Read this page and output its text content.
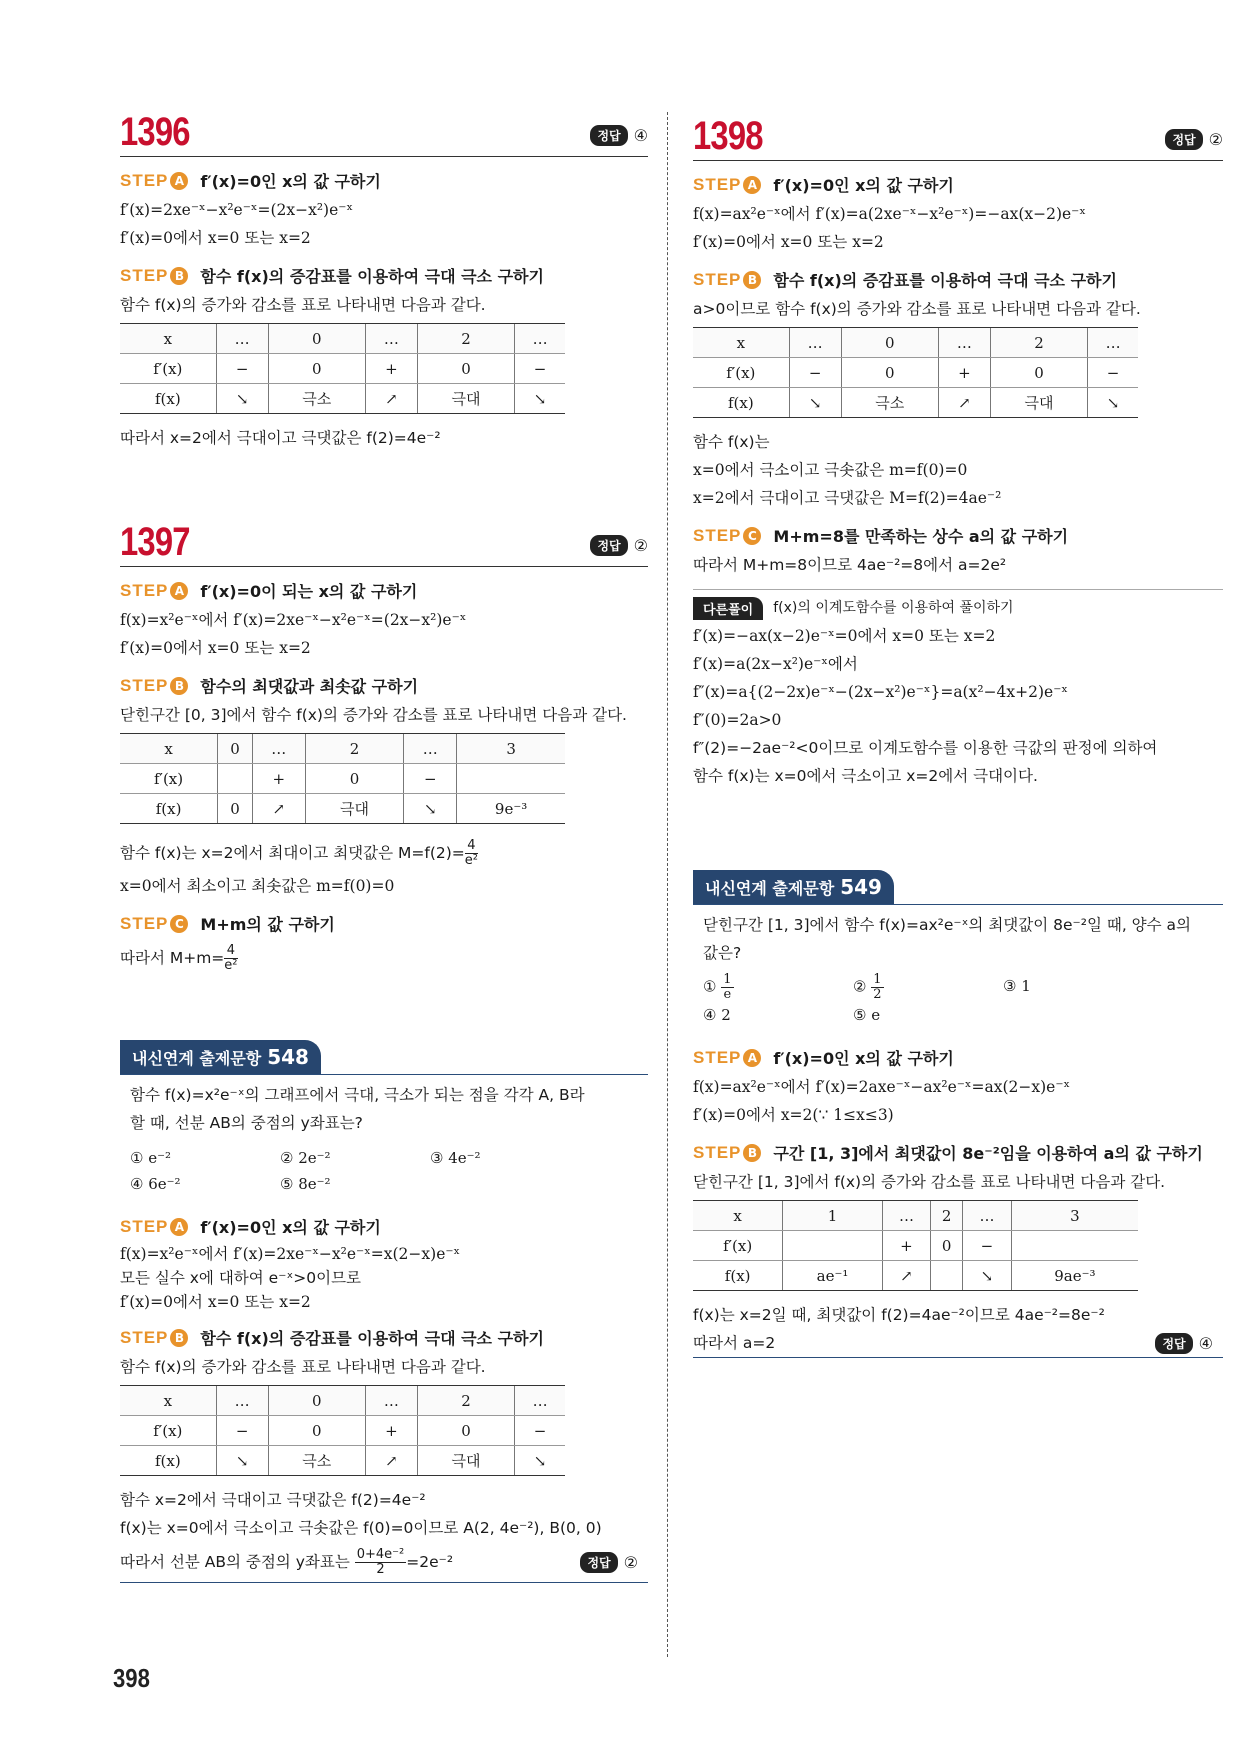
1396	정답 ④
STEP A f′(x)=0인 x의 값 구하기
f′(x)=2xe⁻ˣ−x²e⁻ˣ=(2x−x²)e⁻ˣ
f′(x)=0에서 x=0 또는 x=2
STEP B 함수 f(x)의 증감표를 이용하여 극대 극소 구하기
함수 f(x)의 증가와 감소를 표로 나타내면 다음과 같다.
x	…	0	…	2	…
f′(x)	−	0	+	0	−
f(x)	↘	극소	↗	극대	↘
따라서 x=2에서 극대이고 극댓값은 f(2)=4e⁻²
1397	정답 ②
STEP A f′(x)=0이 되는 x의 값 구하기
f(x)=x²e⁻ˣ에서 f′(x)=2xe⁻ˣ−x²e⁻ˣ=(2x−x²)e⁻ˣ
f′(x)=0에서 x=0 또는 x=2
STEP B 함수의 최댓값과 최솟값 구하기
닫힌구간 [0, 3]에서 함수 f(x)의 증가와 감소를 표로 나타내면 다음과 같다.
x	0	…	2	…	3
f′(x)		+	0	−	
f(x)	0	↗	극대	↘	9e⁻³
함수 f(x)는 x=2에서 최대이고 최댓값은 $M=f(2)= \frac{4}{\text{e²}}$
x=0에서 최소이고 최솟값은 m=f(0)=0
STEP C M+m의 값 구하기
따라서 $M+m= \frac{4}{\text{e²}}$
내신연계 출제문항 548
함수 f(x)=x²e⁻ˣ의 그래프에서 극대, 극소가 되는 점을 각각 A, B라
할 때, 선분 AB의 중점의 y좌표는?
① e⁻²	② 2e⁻²	③ 4e⁻²
④ 6e⁻²	⑤ 8e⁻²
STEP A f′(x)=0인 x의 값 구하기
f(x)=x²e⁻ˣ에서 f′(x)=2xe⁻ˣ−x²e⁻ˣ=x(2−x)e⁻ˣ
모든 실수 x에 대하여 e⁻ˣ>0이므로
f′(x)=0에서 x=0 또는 x=2
STEP B 함수 f(x)의 증감표를 이용하여 극대 극소 구하기
함수 f(x)의 증가와 감소를 표로 나타내면 다음과 같다.
x	…	0	…	2	…
f′(x)	−	0	+	0	−
f(x)	↘	극소	↗	극대	↘
함수 x=2에서 극대이고 극댓값은 f(2)=4e⁻²
f(x)는 x=0에서 극소이고 극솟값은 f(0)=0이므로 A(2, 4e⁻²), B(0, 0)
따라서 선분 AB의 중점의 y좌표는 $\frac{\text{0+4e⁻²}}{2} =2e^{-2}$	정답 ②
1398	정답 ②
STEP A f′(x)=0인 x의 값 구하기
f(x)=ax²e⁻ˣ에서 f′(x)=a(2xe⁻ˣ−x²e⁻ˣ)=−ax(x−2)e⁻ˣ
f′(x)=0에서 x=0 또는 x=2
STEP B 함수 f(x)의 증감표를 이용하여 극대 극소 구하기
a>0이므로 함수 f(x)의 증가와 감소를 표로 나타내면 다음과 같다.
x	…	0	…	2	…
f′(x)	−	0	+	0	−
f(x)	↘	극소	↗	극대	↘
함수 f(x)는
x=0에서 극소이고 극솟값은 m=f(0)=0
x=2에서 극대이고 극댓값은 M=f(2)=4ae⁻²
STEP C M+m=8를 만족하는 상수 a의 값 구하기
따라서 M+m=8이므로 4ae⁻²=8에서 a=2e²
다른풀이	f(x)의 이계도함수를 이용하여 풀이하기
f′(x)=−ax(x−2)e⁻ˣ=0에서 x=0 또는 x=2
f′(x)=a(2x−x²)e⁻ˣ에서
f″(x)=a{(2−2x)e⁻ˣ−(2x−x²)e⁻ˣ}=a(x²−4x+2)e⁻ˣ
f″(0)=2a>0
f″(2)=−2ae⁻²<0이므로 이계도함수를 이용한 극값의 판정에 의하여
함수 f(x)는 x=0에서 극소이고 x=2에서 극대이다.
내신연계 출제문항 549
닫힌구간 [1, 3]에서 함수 f(x)=ax²e⁻ˣ의 최댓값이 8e⁻²일 때, 양수 a의
값은?
① $\frac{1}{e}$	② $\frac{1}{2}$	③ 1
④ 2	⑤ e
STEP A f′(x)=0인 x의 값 구하기
f(x)=ax²e⁻ˣ에서 f′(x)=2axe⁻ˣ−ax²e⁻ˣ=ax(2−x)e⁻ˣ
f′(x)=0에서 x=2(∵ 1≤x≤3)
STEP B 구간 [1, 3]에서 최댓값이 8e⁻²임을 이용하여 a의 값 구하기
닫힌구간 [1, 3]에서 f(x)의 증가와 감소를 표로 나타내면 다음과 같다.
x	1	…	2	…	3
f′(x)		+	0	−	
f(x)	ae⁻¹	↗		↘	9ae⁻³
f(x)는 x=2일 때, 최댓값이 f(2)=4ae⁻²이므로 4ae⁻²=8e⁻²
따라서 a=2	정답 ④
398
